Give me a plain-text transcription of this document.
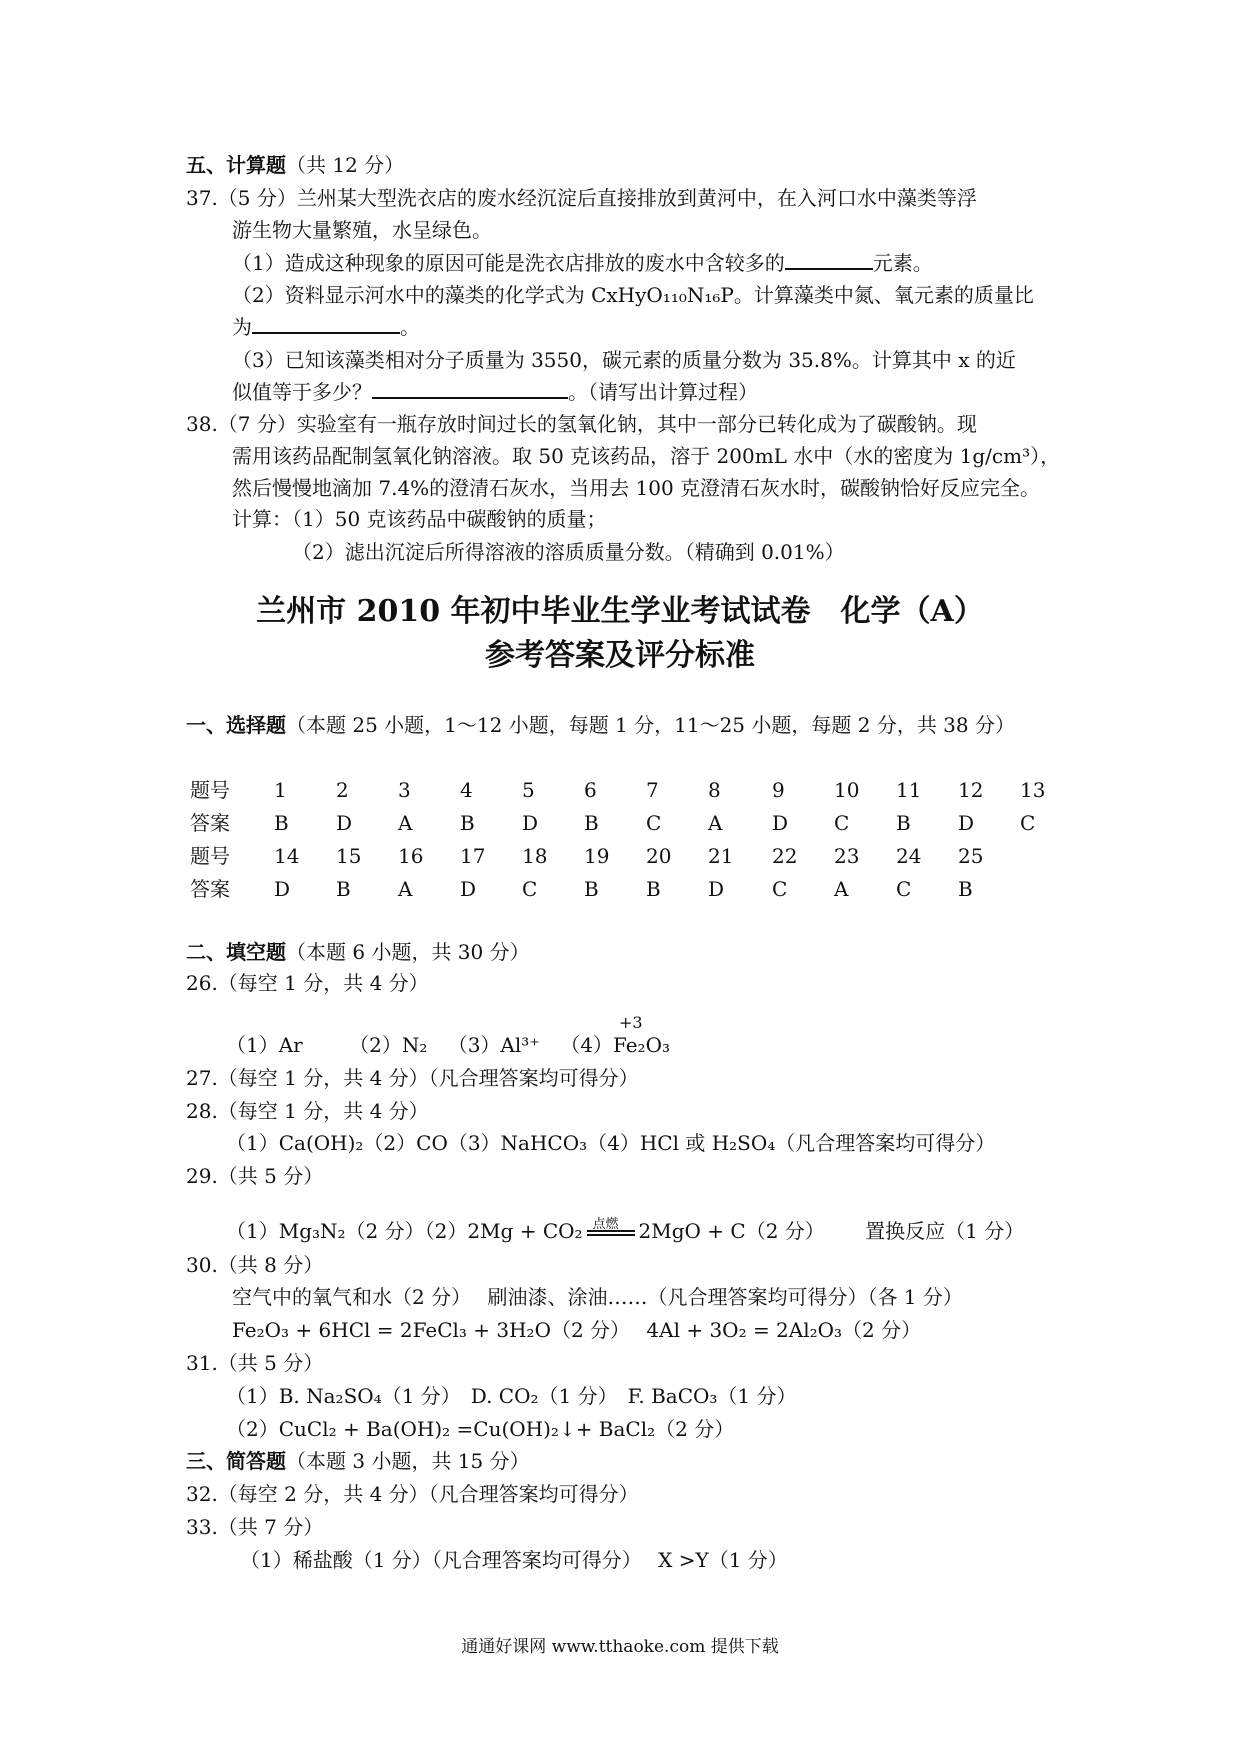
五、计算题（共 12 分）
37.（5 分）兰州某大型洗衣店的废水经沉淀后直接排放到黄河中，在入河口水中藻类等浮
游生物大量繁殖，水呈绿色。
（1）造成这种现象的原因可能是洗衣店排放的废水中含较多的	元素。
（2）资料显示河水中的藻类的化学式为 CxHyO₁₁₀N₁₆P。计算藻类中氮、氧元素的质量比
为	。
（3）已知该藻类相对分子质量为 3550，碳元素的质量分数为 35.8%。计算其中 x 的近
似值等于多少？	。（请写出计算过程）
38.（7 分）实验室有一瓶存放时间过长的氢氧化钠，其中一部分已转化成为了碳酸钠。现
需用该药品配制氢氧化钠溶液。取 50 克该药品，溶于 200mL 水中（水的密度为 1g/cm³），
然后慢慢地滴加 7.4%的澄清石灰水，当用去 100 克澄清石灰水时，碳酸钠恰好反应完全。
计算：（1）50 克该药品中碳酸钠的质量；
（2）滤出沉淀后所得溶液的溶质质量分数。（精确到 0.01%）
兰州市 2010 年初中毕业生学业考试试卷　化学（A）
参考答案及评分标准
一、选择题（本题 25 小题，1～12 小题，每题 1 分，11～25 小题，每题 2 分，共 38 分）
题号 1 2 3 4 5 6 7 8	9 10 11 12 13
答案 B D A B D B C A D C B D C
题号 14 15 16 17 18 19 20 21 22 23 24 25
答案 D B A D C B B D C A C B
二、填空题（本题 6 小题，共 30 分）
26.（每空 1 分，共 4 分）
（1）Ar （2）N₂ （3）Al³⁺ （4）
+3
Fe₂O₃
27.（每空 1 分，共 4 分）（凡合理答案均可得分）
28.（每空 1 分，共 4 分）
（1）Ca(OH)₂（2）CO（3）NaHCO₃（4）HCl 或 H₂SO₄（凡合理答案均可得分）
29.（共 5 分）
（1）Mg₃N₂（2 分）（2）2Mg + CO₂ 点燃 2MgO + C（2 分） 置换反应（1 分）
30.（共 8 分）
空气中的氧气和水（2 分）　 刷油漆、涂油……（凡合理答案均可得分）（各 1 分）
Fe₂O₃ + 6HCl = 2FeCl₃ + 3H₂O（2 分）　 4Al + 3O₂ = 2Al₂O₃（2 分）
31.（共 5 分）
（1）B. Na₂SO₄（1 分）　D. CO₂（1 分）　F. BaCO₃（1 分）
（2）CuCl₂ + Ba(OH)₂ =Cu(OH)₂↓+ BaCl₂（2 分）
三、简答题（本题 3 小题，共 15 分）
32.（每空 2 分，共 4 分）（凡合理答案均可得分）
33.（共 7 分）
（1）稀盐酸（1 分）（凡合理答案均可得分）　 X >Y（1 分）
通通好课网 www.tthaoke.com 提供下载
